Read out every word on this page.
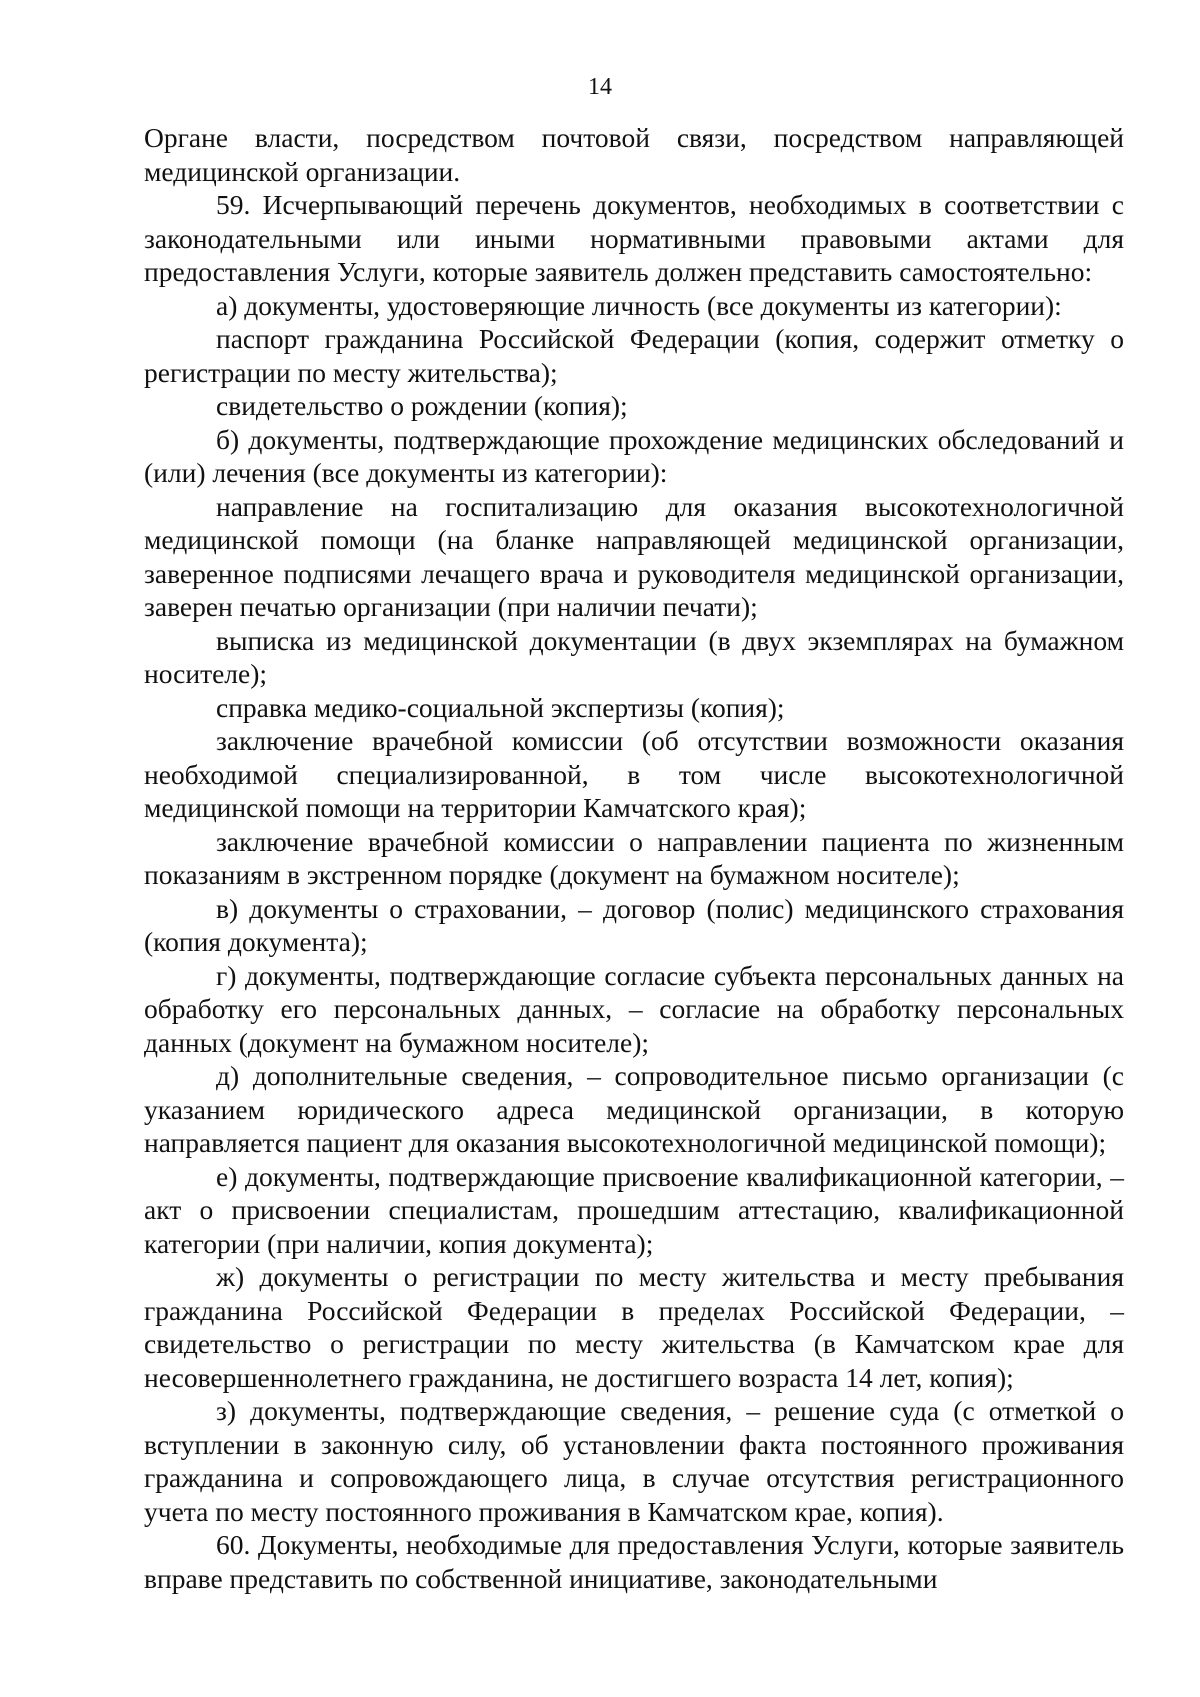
14

Органе власти, посредством почтовой связи, посредством направляющей медицинской организации.

59. Исчерпывающий перечень документов, необходимых в соответствии с законодательными или иными нормативными правовыми актами для предоставления Услуги, которые заявитель должен представить самостоятельно:

а) документы, удостоверяющие личность (все документы из категории):

паспорт гражданина Российской Федерации (копия, содержит отметку о регистрации по месту жительства);

свидетельство о рождении (копия);

б) документы, подтверждающие прохождение медицинских обследований и (или) лечения (все документы из категории):

направление на госпитализацию для оказания высокотехнологичной медицинской помощи (на бланке направляющей медицинской организации, заверенное подписями лечащего врача и руководителя медицинской организации, заверен печатью организации (при наличии печати);

выписка из медицинской документации (в двух экземплярах на бумажном носителе);

справка медико-социальной экспертизы (копия);

заключение врачебной комиссии (об отсутствии возможности оказания необходимой специализированной, в том числе высокотехнологичной медицинской помощи на территории Камчатского края);

заключение врачебной комиссии о направлении пациента по жизненным показаниям в экстренном порядке (документ на бумажном носителе);

в) документы о страховании, – договор (полис) медицинского страхования (копия документа);

г) документы, подтверждающие согласие субъекта персональных данных на обработку его персональных данных, – согласие на обработку персональных данных (документ на бумажном носителе);

д) дополнительные сведения, – сопроводительное письмо организации (с указанием юридического адреса медицинской организации, в которую направляется пациент для оказания высокотехнологичной медицинской помощи);

е) документы, подтверждающие присвоение квалификационной категории, – акт о присвоении специалистам, прошедшим аттестацию, квалификационной категории (при наличии, копия документа);

ж) документы о регистрации по месту жительства и месту пребывания гражданина Российской Федерации в пределах Российской Федерации, – свидетельство о регистрации по месту жительства (в Камчатском крае для несовершеннолетнего гражданина, не достигшего возраста 14 лет, копия);

з) документы, подтверждающие сведения, – решение суда (с отметкой о вступлении в законную силу, об установлении факта постоянного проживания гражданина и сопровождающего лица, в случае отсутствия регистрационного учета по месту постоянного проживания в Камчатском крае, копия).

60. Документы, необходимые для предоставления Услуги, которые заявитель вправе представить по собственной инициативе, законодательными
